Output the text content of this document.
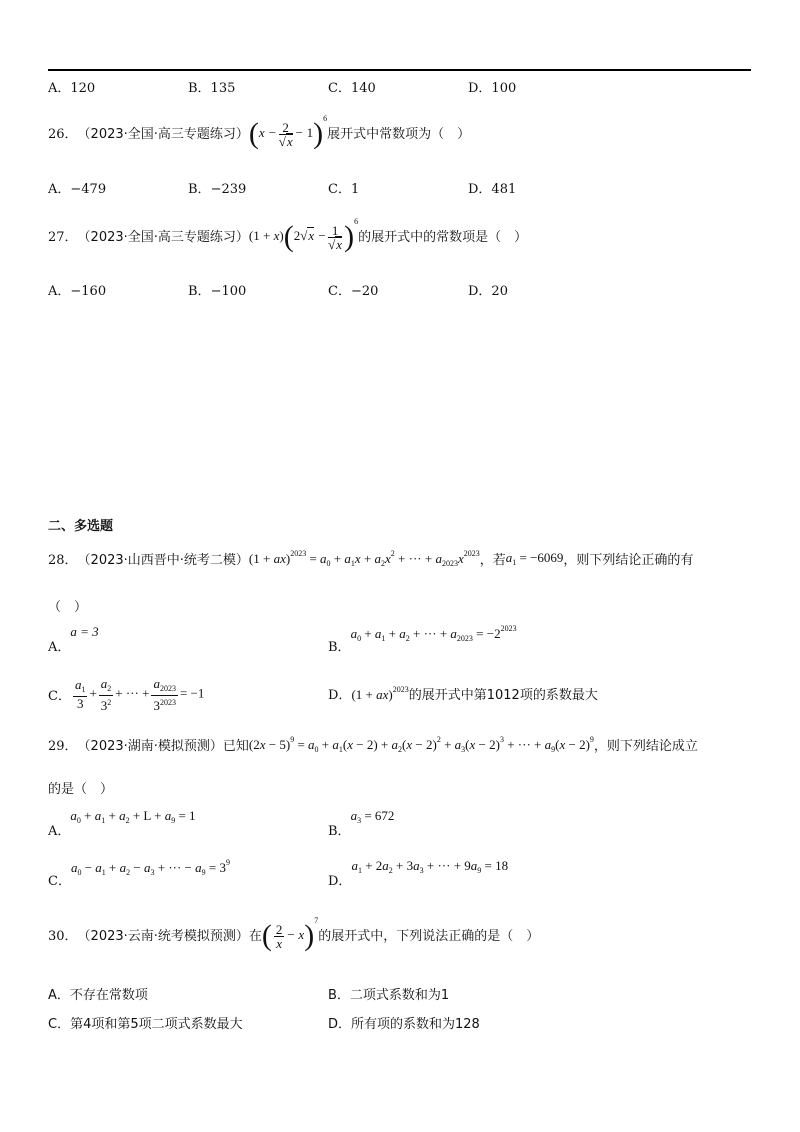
A．120	B．135	C．140	D．100
26． （2023·全国·高三专题练习） $(x - \frac{2}{√x} - 1)^6$
展开式中常数项为（　）
A．−479	B．−239	C．1	D．481
27． （2023·全国·高三专题练习） $(1 + x)(2√x - \frac{1}{√x} )^6$
的展开式中的常数项是（　）
A．−160	B．−100	C．−20	D．20
二、多选题
28． （2023·山西晋中·统考二模） $(1 + ax)^{2023} = a_0 + a_1x + a_2x^2$ + ··· + $a_{2023}x^{2023}$ ，若 $a_1 = -6069$ ，则下列结论正确的有
（　）
A．
a = 3
B．
$a_0 + a_1 + a_2$ + ··· + $a_{2023} = -2^{2023}$
C． $\frac{a_1}{3} + \frac{a_2}{3^2}$ + ··· + $\frac{a_{2023}}{3^{2023}} = -1$	D． (1 + ax)$^{2023}$ 的展开式中第1012项的系数最大
29． （2023·湖南·模拟预测）已知 $(2x - 5)^9 = a_0 + a_1(x - 2) + a_2(x - 2)^2 + a_3(x - 2)^3$ + ··· + $a_9(x - 2)^9$ ，则下列结论成立
的是（　）
A．
$a_0 + a_1 + a_2 + L + a_9 = 1$
B．
$a_3 = 672$
C．
$a_0 - a_1 + a_2 - a_3$ + ··· − $a_9 = 3^9$
D．
$a_1 + 2a_2 + 3a_3$ + ··· + $9a_9 = 18$
30． （2023·云南·统考模拟预测）在 ( $\frac{2}{x} - x)^7$
的展开式中，下列说法正确的是（　）
A．不存在常数项	B．二项式系数和为1
C．第4项和第5项二项式系数最大	D．所有项的系数和为128
